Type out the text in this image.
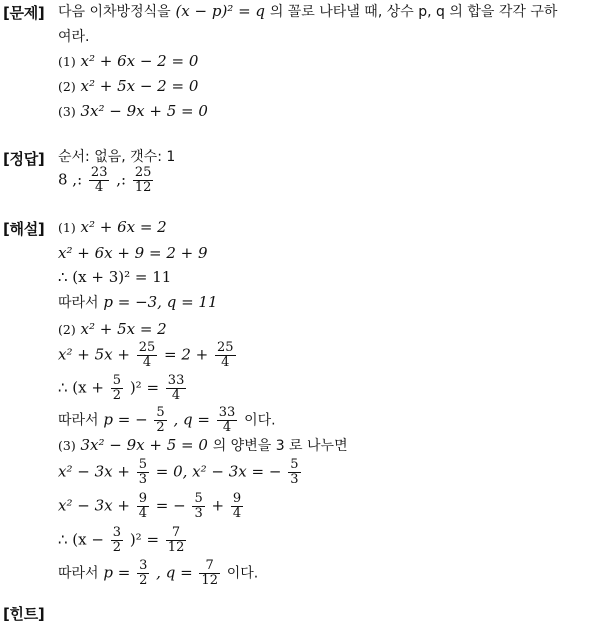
[문제] 다음 이차방정식을 (x − p)² = q 의 꼴로 나타낼 때, 상수 p, q 의 합을 각각 구하
여라.
(1) x² + 6x − 2 = 0
(2) x² + 5x − 2 = 0
(3) 3x² − 9x + 5 = 0
[정답] 순서: 없음, 갯수: 1
8 ,: $\frac{23}{4}$ ,: $\frac{25}{12}$
[해설] (1) x² + 6x = 2
x² + 6x + 9 = 2 + 9
∴ (x + 3)² = 11
따라서 p = −3, q = 11
(2) x² + 5x = 2
$x^2 + 5x + \frac{25}{4} = 2 + \frac{25}{4}$
∴ $(x + \frac{5}{2} )^2 = \frac{33}{4}$
따라서 p = − $\frac{5}{2}$ , $q = \frac{33}{4}$ 이다.
(3) 3x² − 9x + 5 = 0 의 양변을 3 로 나누면
$x^2 - 3x + \frac{5}{3} = 0$, x² − 3x = − $\frac{5}{3}$
$x^2 - 3x + \frac{9}{4}$ = − $\frac{5}{3} + \frac{9}{4}$
∴ $(x - \frac{3}{2} )^2 = \frac{7}{12}$
따라서 $p = \frac{3}{2}$ , $q = \frac{7}{12}$ 이다.
[힌트]
